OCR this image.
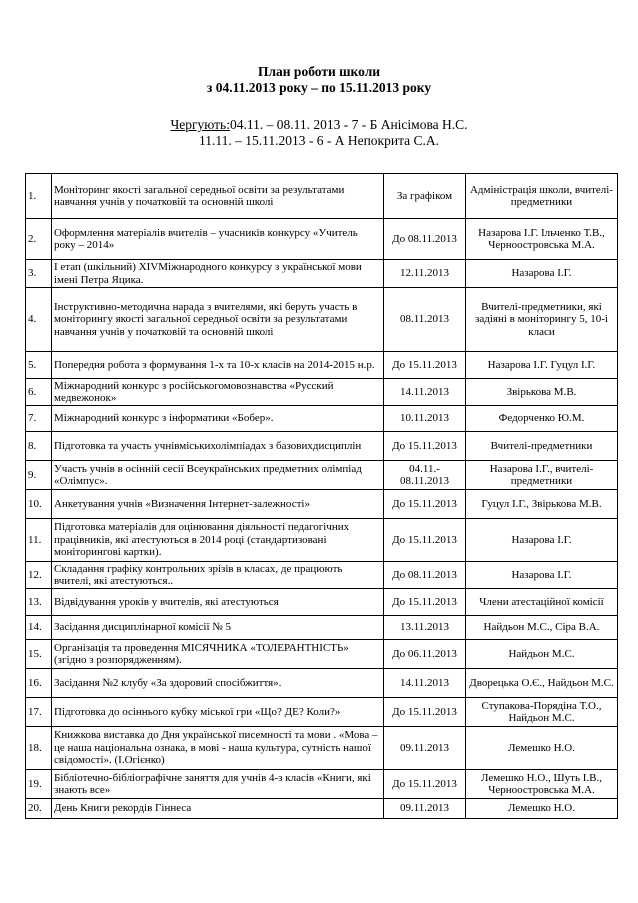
План роботи школи
з 04.11.2013 року – по 15.11.2013 року
Чергують:04.11. – 08.11. 2013 - 7 - Б Анісімова Н.С.
11.11. – 15.11.2013 - 6 - А Непокрита С.А.
1.	Моніторинг якості загальної середньої освіти за результатами навчання учнів у початковій та основній школі	За графіком	Адміністрація школи, вчителі-предметники
2.	Оформлення матеріалів вчителів – учасників конкурсу «Учитель року – 2014»	До 08.11.2013	Назарова І.Г. Ільченко Т.В., Черноостровська М.А.
3.	І етап (шкільний) XIVМіжнародного конкурсу з української мови імені Петра Яцика.	12.11.2013	Назарова І.Г.
4.	Інструктивно-методична нарада з вчителями, які беруть участь в моніторингу якості загальної середньої освіти за результатами навчання учнів у початковій та основній школі	08.11.2013	Вчителі-предметники, які задіяні в моніторингу 5, 10-і класи
5.	Попередня робота з формування 1-х та 10-х класів на 2014-2015 н.р.	До 15.11.2013	Назарова І.Г. Гуцул І.Г.
6.	Міжнародний конкурс з російськогомовознавства «Русский медвежонок»	14.11.2013	Звірькова М.В.
7.	Міжнародний конкурс з інформатики «Бобер».	10.11.2013	Федорченко Ю.М.
8.	Підготовка та участь учнівміськихолімпіадах з базовихдисциплін	До 15.11.2013	Вчителі-предметники
9.	Участь учнів в осінній сесії Всеукраїнських предметних олімпіад «Олімпус».	04.11.- 08.11.2013	Назарова І.Г., вчителі-предметники
10.	Анкетування учнів «Визначення Інтернет-залежності»	До 15.11.2013	Гуцул І.Г., Звірькова М.В.
11.	Підготовка матеріалів для оцінювання діяльності педагогічних працівників, які атестуються в 2014 році (стандартизовані моніторингові картки).	До 15.11.2013	Назарова І.Г.
12.	Складання графіку контрольних зрізів в класах, де працюють вчителі, які атестуються..	До 08.11.2013	Назарова І.Г.
13.	Відвідування уроків у вчителів, які атестуються	До 15.11.2013	Члени атестаційної комісії
14.	Засідання дисциплінарної комісії № 5	13.11.2013	Найдьон М.С., Сіра В.А.
15.	Організація та проведення МІСЯЧНИКА «ТОЛЕРАНТНІСТЬ» (згідно з розпорядженням).	До 06.11.2013	Найдьон М.С.
16.	Засідання №2 клубу «За здоровий спосібжиття».	14.11.2013	Дворецька О.Є., Найдьон М.С.
17.	Підготовка до осіннього кубку міської гри «Що? ДЕ? Коли?»	До 15.11.2013	Ступакова-Порядіна Т.О., Найдьон М.С.
18.	Книжкова виставка до Дня української писемності та мови . «Мова – це наша національна ознака, в мові - наша культура, сутність нашої свідомості». (І.Огієнко)	09.11.2013	Лемешко Н.О.
19.	Бібліотечно-бібліографічне заняття для учнів 4-з класів «Книги, які знають все»	До 15.11.2013	Лемешко Н.О., Шуть І.В., Черноостровська М.А.
20.	День Книги рекордів Гіннеса	09.11.2013	Лемешко Н.О.
